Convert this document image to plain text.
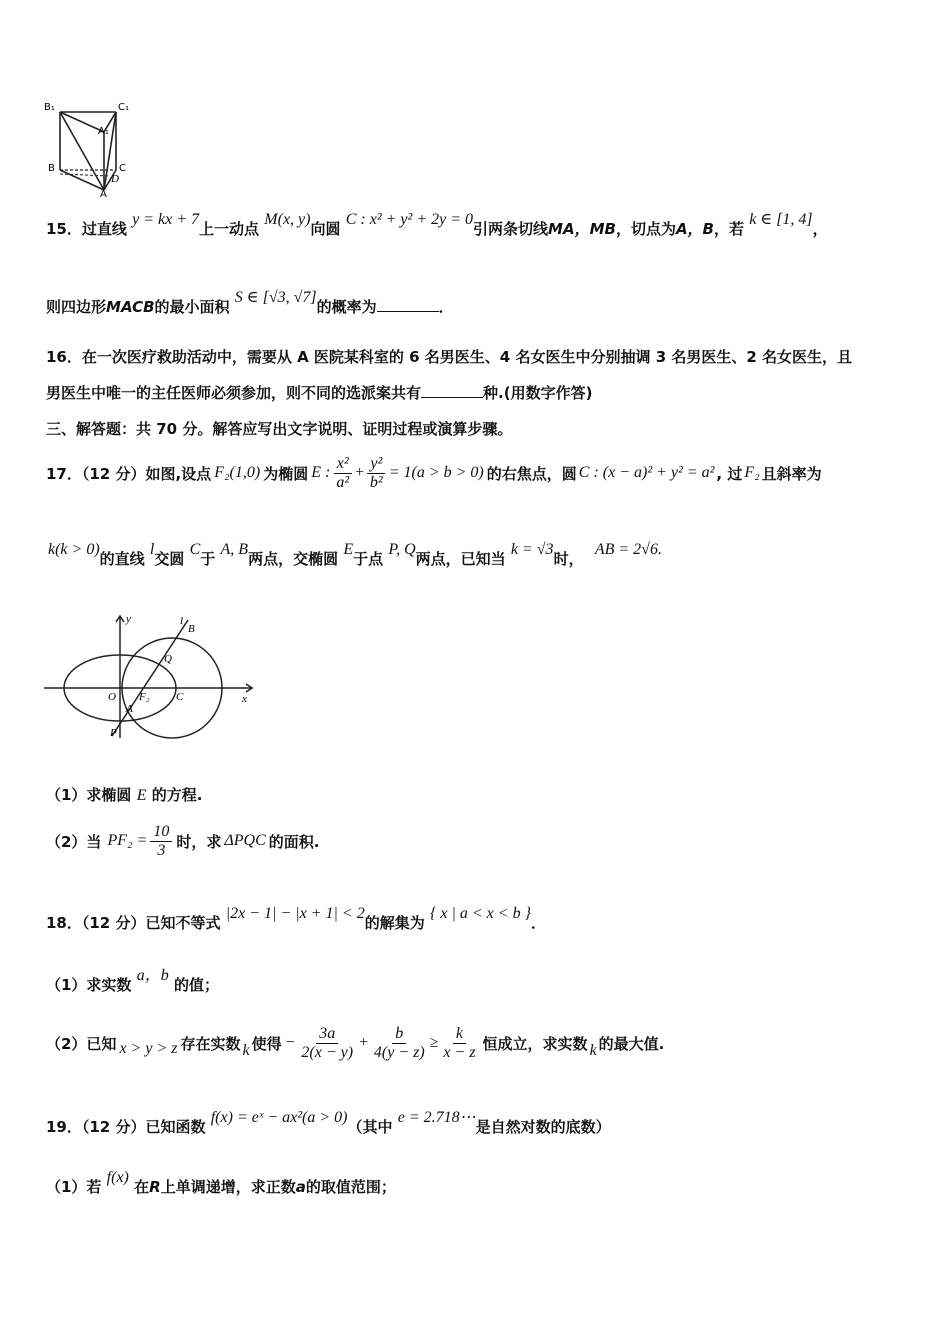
B₁	C₁
A₁
B	C
D
A
15．过直线 y = kx + 7上一动点 M(x, y)向圆 C : x² + y² + 2y = 0引两条切线MA，MB，切点为A，B，若 k ∈ [1, 4]，
则四边形MACB的最小面积 S ∈ [√3, √7]的概率为	．
16．在一次医疗救助活动中，需要从 A 医院某科室的 6 名男医生、4 名女医生中分别抽调 3 名男医生、2 名女医生，且
男医生中唯一的主任医师必须参加，则不同的选派案共有	种.(用数字作答)
三、解答题：共 70 分。解答应写出文字说明、证明过程或演算步骤。
17．（12 分） 如图,设点 F₂(1,0) 为椭圆 E : $\frac{\text{x²}}{\text{a²}} + \frac{\text{y²}}{\text{b²}} = 1(a > b > 0)$ 的右焦点，圆 C : (x − a)² + y² = a² , 过 F₂ 且斜率为
k(k > 0)的直线 l交圆 C于 A, B两点，交椭圆 E于点 P, Q两点，已知当 k = √3时， AB = 2√6.
y	l
B
Q
x
O F₂ C
A
P
（1）求椭圆 E 的方程.
（2）当 $PF_2 = \frac{10}{3}$ 时，求 ΔPQC 的面积.
18．（12 分）已知不等式 |2x − 1| − |x + 1| < 2的解集为 { x | a < x < b }．
（1）求实数 a，b 的值；
（2）已知 x > y > z 存在实数 k 使得 − $\frac{3a}{2(x - y)} + \frac{b}{4(y - z)} \ge \frac{k}{x - z}$ 恒成立，求实数 k 的最大值.
19．（12 分）已知函数 f(x) = eˣ − ax²(a > 0)（其中 e = 2.718⋯是自然对数的底数）
（1）若 f(x) 在R上单调递增，求正数a的取值范围；
